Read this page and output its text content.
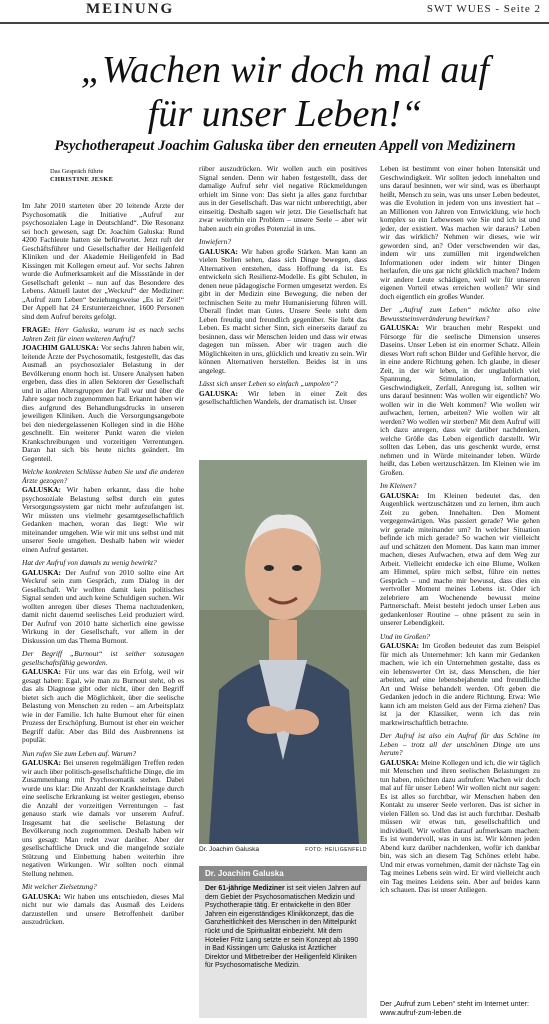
MEINUNG	SWT WUES - Seite 2
„Wachen wir doch mal auf
für unser Leben!“
Psychotherapeut Joachim Galuska über den erneuten Appell von Medizinern
Das Gespräch führte
CHRISTINE JESKE

Im Jahr 2010 starteten über 20 leitende Ärzte der Psychosomatik die Initiative „Aufruf zur psychosozialen Lage in Deutschland“. Die Resonanz sei hoch gewesen, sagt Dr. Joachim Galuska: Rund 4200 Fachleute hatten sie befürwortet. Jetzt ruft der Geschäftsführer und Gesellschafter der Heiligenfeld Kliniken und der Akademie Heiligenfeld in Bad Kissingen mit Kollegen erneut auf. Vor sechs Jahren wurde die Aufmerksamkeit auf die Missstände in der Gesellschaft gelenkt – nun auf das Besondere des Lebens. Aktuell lautet der „Weckruf“ der Mediziner: „Aufruf zum Leben“ beziehungsweise „Es ist Zeit!“ Der Appell hat 24 Erstunterzeichner, 1600 Personen sind dem Aufruf bereits gefolgt.

FRAGE: Herr Galuska, warum ist es nach sechs Jahren Zeit für einen weiteren Aufruf?

JOACHIM GALUSKA: Vor sechs Jahren haben wir, leitende Ärzte der Psychosomatik, festgestellt, das das Ausmaß an psychosozialer Belastung in der Bevölkerung enorm hoch ist. Unsere Analysen haben ergeben, dass dies in allen Sektoren der Gesellschaft und in allen Altersgruppen der Fall war und über die Jahre sogar noch zugenommen hat. Erkannt haben wir dies aufgrund des Behandlungsdrucks in unseren jeweiligen Kliniken. Auch die Versorgungsangebote bei den niedergelassenen Kollegen sind in die Höhe geschnellt. Ein weiterer Punkt waren die vielen Krankschreibungen und vorzeitigen Verrentungen. Daran hat sich bis heute nichts geändert. Im Gegenteil.

Welche konkreten Schlüsse haben Sie und die anderen Ärzte gezogen?

GALUSKA: Wir haben erkannt, dass die hohe psychosoziale Belastung selbst durch ein gutes Versorgungssystem gar nicht mehr aufzufangen ist. Wir müssten uns vielmehr gesamtgesellschaftlich Gedanken machen, woran das liegt: Wie wir miteinander umgehen. Wie wir mit uns selbst und mit unserer Seele umgehen. Deshalb haben wir wieder einen Aufruf gestartet.

Hat der Aufruf von damals zu wenig bewirkt?

GALUSKA: Der Aufruf von 2010 sollte eine Art Weckruf sein zum Gespräch, zum Dialog in der Gesellschaft. Wir wollten damit kein politisches Signal senden und auch keine Schuldigen suchen. Wir wollten anregen über dieses Thema nachzudenken, damit nicht dauernd seelisches Leid produziert wird. Der Aufruf von 2010 hatte sicherlich eine gewisse Wirkung in der Gesellschaft, vor allem in der Diskussion um das Thema Burnout.

Der Begriff „Burnout“ ist seither sozusagen gesellschaftsfähig geworden.

GALUSKA: Für uns war das ein Erfolg, weil wir gesagt haben: Egal, wie man zu Burnout steht, ob es das als Diagnose gibt oder nicht, über den Begriff bietet sich auch die Möglichkeit, über die seelische Belastung von Menschen zu reden – am Arbeitsplatz wie in der Familie. Ich halte Burnout eher für einen Prozess der Erschöpfung. Burnout ist eher ein weicher Begriff dafür. Aber das Bild des Ausbrennens ist populär.

Nun rufen Sie zum Leben auf. Warum?

GALUSKA: Bei unseren regelmäßigen Treffen reden wir auch über politisch-gesellschaftliche Dinge, die im Zusammenhang mit Psychosomatik stehen. Dabei wurde uns klar: Die Anzahl der Krankheitstage durch eine seelische Erkrankung ist weiter gestiegen, ebenso die Anzahl der vorzeitigen Verrentungen – fast genauso stark wie damals vor unserem Aufruf. Insgesamt hat die seelische Belastung der Bevölkerung noch zugenommen. Deshalb haben wir uns gesagt: Man redet zwar darüber. Aber der gesellschaftliche Druck und die mangelnde soziale Stützung und Einbettung haben weiterhin ihre negativen Wirkungen. Wir sollten noch einmal Stellung nehmen.

Mit welcher Zielsetzung?

GALUSKA: Wir haben uns entschieden, dieses Mal nicht nur wie damals das Ausmaß des Leidens darzustellen und unsere Betroffenheit darüber auszudrücken.

rüber auszudrücken. Wir wollen auch ein positives Signal senden. Denn wir haben festgestellt, dass der damalige Aufruf sehr viel negative Rückmeldungen erhielt im Sinne von: Das sieht ja alles ganz furchtbar aus in der Gesellschaft. Das war nicht unberechtigt, aber einseitig. Deshalb sagen wir jetzt. Die Gesellschaft hat zwar weiterhin ein Problem – unsere Seele – aber wir haben auch ein großes Potenzial in uns.

Inwiefern?

GALUSKA: Wir haben große Stärken. Man kann an vielen Stellen sehen, dass sich Dinge bewegen, dass Alternativen entstehen, dass Hoffnung da ist. Es entwickeln sich Resilienz-Modelle. Es gibt Schulen, in denen neue pädagogische Formen umgesetzt werden. Es gibt in der Medizin eine Bewegung, die neben der technischen Seite zu mehr Humanisierung führen will. Überall findet man Gutes. Unsere Seele steht dem Leben freudig und freundlich gegenüber. Sie liebt das Leben. Es macht sicher Sinn, sich einerseits darauf zu besinnen, dass wir Menschen leiden und dass wir etwas dagegen tun müssen. Aber wir tragen auch die Möglichkeiten in uns, glücklich und kreativ zu sein. Wir können Alternativen herstellen. Beides ist in uns angelegt.

Lässt sich unser Leben so einfach „umpolen“?

GALUSKA: Wir leben in einer Zeit des gesellschaftlichen Wandels, der dramatisch ist. Unser

Leben ist bestimmt von einer hohen Intensität und Geschwindigkeit. Wir sollten jedoch innehalten und uns darauf besinnen, wer wir sind, was es überhaupt heißt, Mensch zu sein, was uns unser Leben bedeutet, was die Evolution in jedem von uns investiert hat – an Millionen von Jahren von Entwicklung, wie hoch komplex so ein Lebewesen wie Sie und ich ist und jeder, der existiert. Was machen wir daraus? Leben wir das wirklich? Nehmen wir dieses, wie wir geworden sind, an? Oder verschwenden wir das, indem wir uns zumüllen mit irgendwelchen Informationen oder indem wir hinter Dingen herlaufen, die uns gar nicht glücklich machen? Indem wir andere Leute schädigen, weil wir für unseren eigenen Vorteil etwas erreichen wollen? Wir sind doch eigentlich ein großes Wunder.

Der „Aufruf zum Leben“ möchte also eine Bewusstseinsveränderung bewirken?

GALUSKA: Wir brauchen mehr Respekt und Fürsorge für die seelische Dimension unseres Daseins. Unser Leben ist ein enormer Schatz. Allein dieses Wort ruft schon Bilder und Gefühle hervor, die in eine andere Richtung gehen. Ich glaube, in dieser Zeit, in der wir leben, in der unglaublich viel Spannung, Stimulation, Information, Geschwindigkeit, Zerfall, Anregung ist, sollten wir uns darauf besinnen: Was wollen wir eigentlich? Wo wollen wir in die Welt kommen? Wie wollen wir aufwachen, lernen, arbeiten? Wie wollen wir alt werden? Wo wollen wir sterben? Mit dem Aufruf will ich dazu anregen, dass wir darüber nachdenken, welche Größe das Leben eigentlich darstellt. Wir sollten das Leben, das uns geschenkt wurde, ernst nehmen und in Würde miteinander leben. Würde heißt, das Leben wertzuschätzen. Im Kleinen wie im Großen.

Im Kleinen?

GALUSKA: Im Kleinen bedeutet das, den Augenblick wertzuschätzen und zu lernen, ihm auch Zeit zu geben. Innehalten. Den Moment vergegenwärtigen. Was passiert gerade? Wie gehen wir gerade miteinander um? In welcher Situation befinde ich mich gerade? So wachen wir vielleicht auf und schätzen den Moment. Das kann man immer machen, dieses Aufwachen, etwa auf dem Weg zur Arbeit. Vielleicht entdecke ich eine Blume, Wolken am Himmel, spüre mich selbst, führe ein nettes Gespräch – und mache mir bewusst, dass dies ein wertvoller Moment meines Lebens ist. Oder ich zelebriere am Wochenende bewusst meine Partnerschaft. Meist besteht jedoch unser Leben aus gedankenloser Routine – ohne präsent zu sein in unserer Lebendigkeit.

Und im Großen?

GALUSKA: Im Großen bedeutet das zum Beispiel für mich als Unternehmer: Ich kann mir Gedanken machen, wie ich ein Unternehmen gestalte, dass es ein lebenswerter Ort ist, dass Menschen, die hier arbeiten, auf eine lebensbejahende und freundliche Art und Weise behandelt werden. Oft geben die Gedanken jedoch in die andere Richtung. Etwa: Wie kann ich am meisten Geld aus der Firma ziehen? Das ist ja der Klassiker, wenn ich das rein marktwirtschaftlich betrachte.

Der Aufruf ist also ein Aufruf für das Schöne im Leben – trotz all der unschönen Dinge um uns herum?

GALUSKA: Meine Kollegen und ich, die wir täglich mit Menschen und ihren seelischen Belastungen zu tun haben, möchten dazu aufrufen: Wachen wir doch mal auf für unser Leben! Wir wollen nicht nur sagen: Es ist alles so furchtbar, wir Menschen haben den Kontakt zu unserer Seele verloren. Das ist sicher in vielen Fällen so. Und das ist auch furchtbar. Deshalb müssen wir etwas tun, gesellschaftlich und individuell. Wir wollen darauf aufmerksam machen: Es ist wundervoll, was in uns ist. Wir können jeden Abend kurz darüber nachdenken, wofür ich dankbar bin, was sich an diesem Tag Schönes erlebt habe. Und mir etwas vornehmen, damit der nächste Tag ein Tag meines Lebens sein wird. Er wird vielleicht auch ein Tag meines Leidens sein. Aber auf beides kann ich schauen. Das ist unser Anliegen.

Dr. Joachim Galuska	FOTO: HEILIGENFELD
Dr. Joachim Galuska
Der 61-jährige Mediziner ist seit vielen Jahren auf dem Gebiet der Psychosomatischen Medizin und Psychotherapie tätig. Er entwickelte in den 80er Jahren ein eigenständiges Klinikkonzept, das die Ganzheitlichkeit des Menschen in den Mittelpunkt rückt und die Spiritualität einbezieht. Mit dem Hotelier Fritz Lang setzte er sein Konzept ab 1990 in Bad Kissingen um: Galuska ist Ärztlicher Direktor und Mitbetreiber der Heiligenfeld Kliniken für Psychosomatische Medizin.
Der „Aufruf zum Leben“ steht im Internet unter:
www.aufruf-zum-leben.de
